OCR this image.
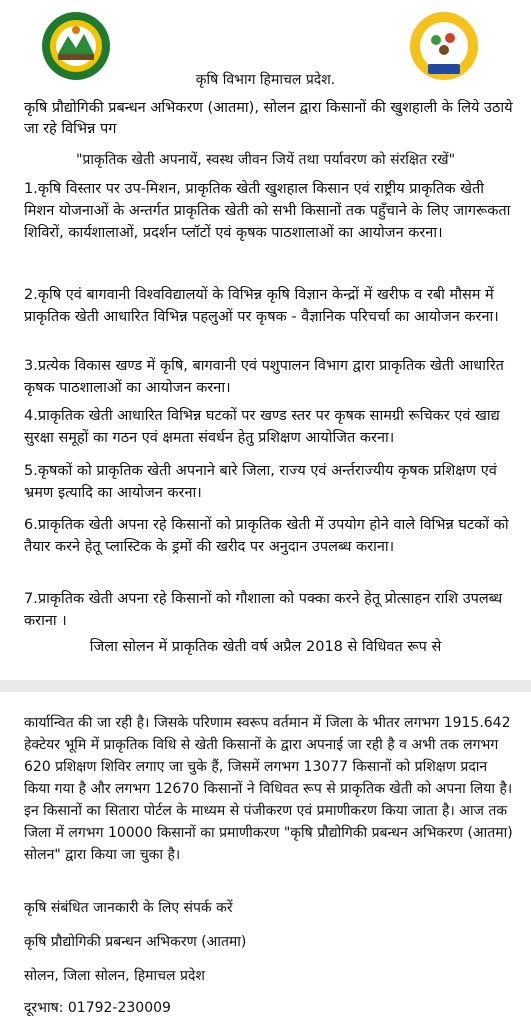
कृषि विभाग हिमाचल प्रदेश.
कृषि प्रौद्योगिकी प्रबन्धन अभिकरण (आतमा), सोलन द्वारा किसानों की खुशहाली के लिये उठाये जा रहे विभिन्न पग
"प्राकृतिक खेती अपनायें, स्वस्थ जीवन जियें तथा पर्यावरण को संरक्षित रखें"

1.कृषि विस्तार पर उप-मिशन, प्राकृतिक खेती खुशहाल किसान एवं राष्ट्रीय प्राकृतिक खेती मिशन योजनाओं के अन्तर्गत प्राकृतिक खेती को सभी किसानों तक पहुँचाने के लिए जागरूकता शिविरों, कार्यशालाओं, प्रदर्शन प्लॉटों एवं कृषक पाठशालाओं का आयोजन करना।

2.कृषि एवं बागवानी विश्वविद्यालयों के विभिन्न कृषि विज्ञान केन्द्रों में खरीफ व रबी मौसम में प्राकृतिक खेती आधारित विभिन्न पहलुओं पर कृषक - वैज्ञानिक परिचर्चा का आयोजन करना।

3.प्रत्येक विकास खण्ड में कृषि, बागवानी एवं पशुपालन विभाग द्वारा प्राकृतिक खेती आधारित कृषक पाठशालाओं का आयोजन करना।

4.प्राकृतिक खेती आधारित विभिन्न घटकों पर खण्ड स्तर पर कृषक सामग्री रूचिकर एवं खाद्य सुरक्षा समूहों का गठन एवं क्षमता संवर्धन हेतु प्रशिक्षण आयोजित करना।

5.कृषकों को प्राकृतिक खेती अपनाने बारे जिला, राज्य एवं अर्न्तराज्यीय कृषक प्रशिक्षण एवं भ्रमण इत्यादि का आयोजन करना।

6.प्राकृतिक खेती अपना रहे किसानों को प्राकृतिक खेती में उपयोग होने वाले विभिन्न घटकों को तैयार करने हेतू प्लास्टिक के ड्रमों की खरीद पर अनुदान उपलब्ध कराना।

7.प्राकृतिक खेती अपना रहे किसानों को गौशाला को पक्का करने हेतू प्रोत्साहन राशि उपलब्ध कराना ।

जिला सोलन में प्राकृतिक खेती वर्ष अप्रैल 2018 से विधिवत रूप से

कार्यान्वित की जा रही है। जिसके परिणाम स्वरूप वर्तमान में जिला के भीतर लगभग 1915.642 हेक्टेयर भूमि में प्राकृतिक विधि से खेती किसानों के द्वारा अपनाई जा रही है व अभी तक लगभग 620 प्रशिक्षण शिविर लगाए जा चुके हैं, जिसमें लगभग 13077 किसानों को प्रशिक्षण प्रदान किया गया है और लगभग 12670 किसानों ने विधिवत रूप से प्राकृतिक खेती को अपना लिया है। इन किसानों का सितारा पोर्टल के माध्यम से पंजीकरण एवं प्रमाणीकरण किया जाता है। आज तक जिला में लगभग 10000 किसानों का प्रमाणीकरण "कृषि प्रौद्योगिकी प्रबन्धन अभिकरण (आतमा) सोलन" द्वारा किया जा चुका है।

कृषि संबंधित जानकारी के लिए संपर्क करें

कृषि प्रौद्योगिकी प्रबन्धन अभिकरण (आतमा)

सोलन, जिला सोलन, हिमाचल प्रदेश

दूरभाष: 01792-230009
